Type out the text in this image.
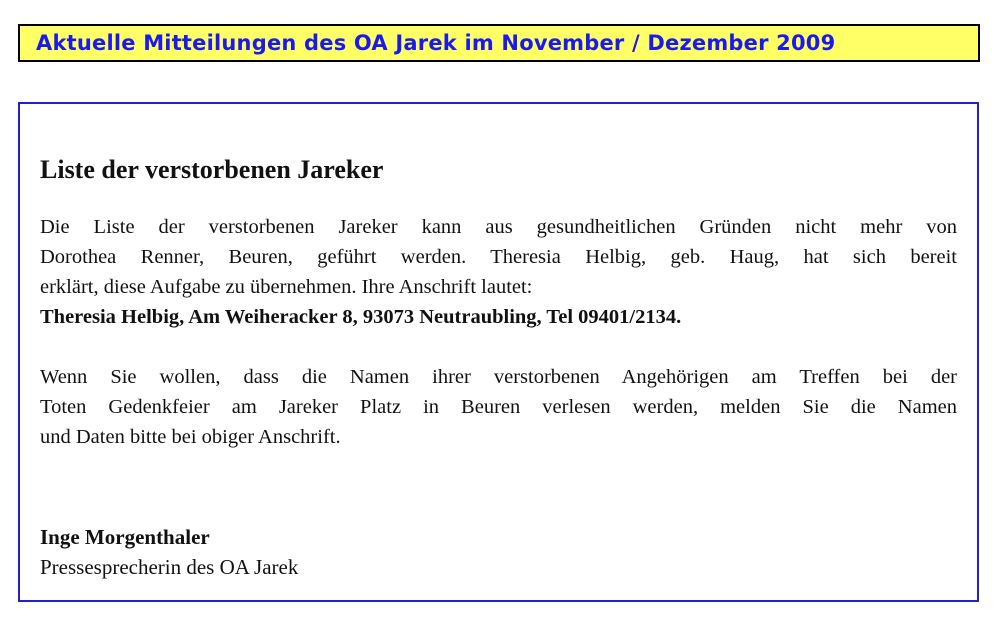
Aktuelle Mitteilungen des OA Jarek im November / Dezember 2009
Liste der verstorbenen Jareker
Die Liste der verstorbenen Jareker kann aus gesundheitlichen Gründen nicht mehr von
Dorothea Renner, Beuren, geführt werden. Theresia Helbig, geb. Haug, hat sich bereit
erklärt, diese Aufgabe zu übernehmen. Ihre Anschrift lautet:
Theresia Helbig, Am Weiheracker 8, 93073 Neutraubling, Tel 09401/2134.
Wenn Sie wollen, dass die Namen ihrer verstorbenen Angehörigen am Treffen bei der
Toten Gedenkfeier am Jareker Platz in Beuren verlesen werden, melden Sie die Namen
und Daten bitte bei obiger Anschrift.
Inge Morgenthaler
Pressesprecherin des OA Jarek
